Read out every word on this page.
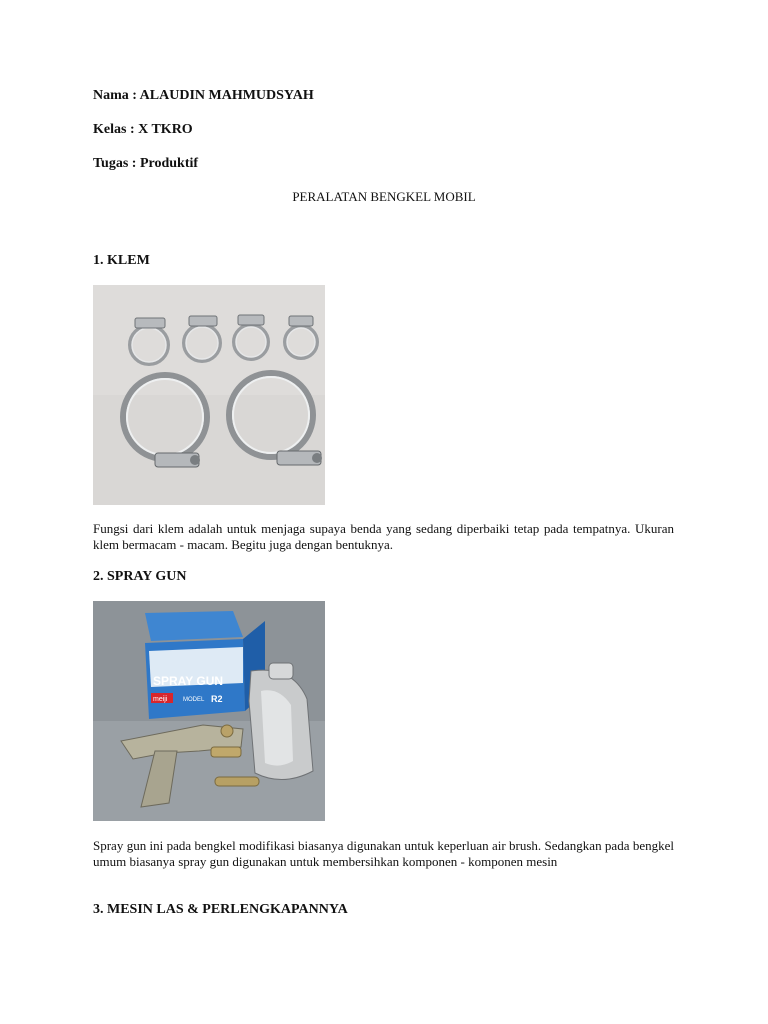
Nama : ALAUDIN MAHMUDSYAH
Kelas : X TKRO
Tugas : Produktif
PERALATAN BENGKEL MOBIL
1. KLEM
Fungsi dari klem adalah untuk menjaga supaya benda yang sedang diperbaiki tetap pada tempatnya. Ukuran klem bermacam - macam. Begitu juga dengan bentuknya.
2. SPRAY GUN
SPRAY GUN
meiji	MODEL R2
Spray gun ini pada bengkel modifikasi biasanya digunakan untuk keperluan air brush. Sedangkan pada bengkel umum biasanya spray gun digunakan untuk membersihkan komponen - komponen mesin
3. MESIN LAS & PERLENGKAPANNYA
